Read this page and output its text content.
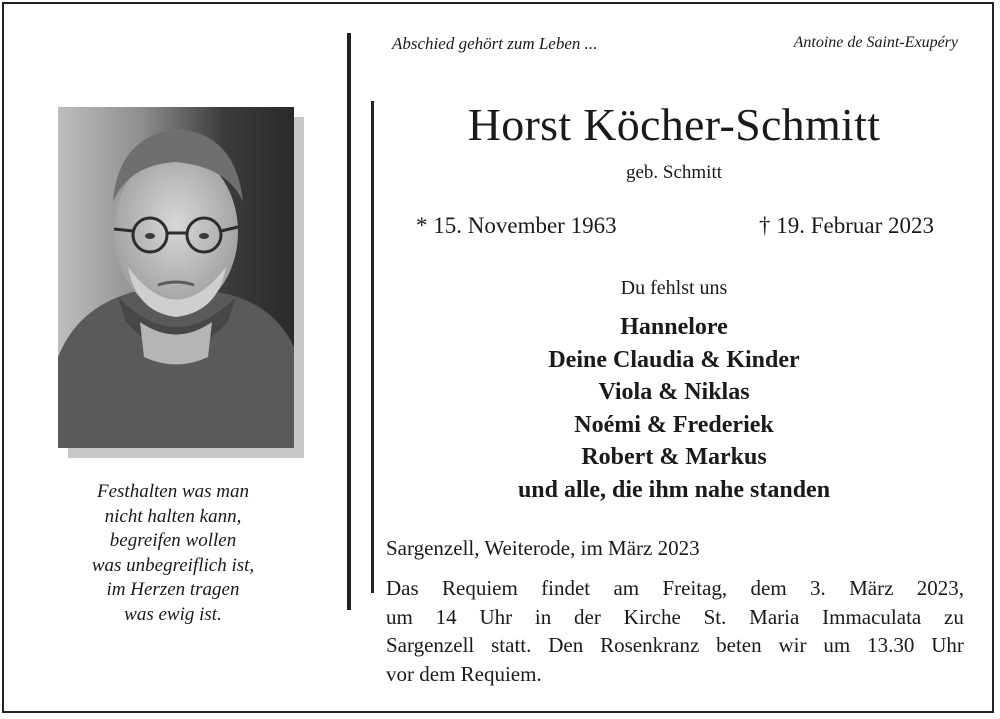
Abschied gehört zum Leben ...	Antoine de Saint-Exupéry
Festhalten was man
nicht halten kann,
begreifen wollen
was unbegreiflich ist,
im Herzen tragen
was ewig ist.
Horst Köcher-Schmitt
geb. Schmitt
* 15. November 1963	† 19. Februar 2023
Du fehlst uns
Hannelore
Deine Claudia & Kinder
Viola & Niklas
Noémi & Frederiek
Robert & Markus
und alle, die ihm nahe standen
Sargenzell, Weiterode, im März 2023
Das Requiem findet am Freitag, dem 3. März 2023,
um 14 Uhr in der Kirche St. Maria Immaculata zu
Sargenzell statt. Den Rosenkranz beten wir um 13.30 Uhr
vor dem Requiem.
